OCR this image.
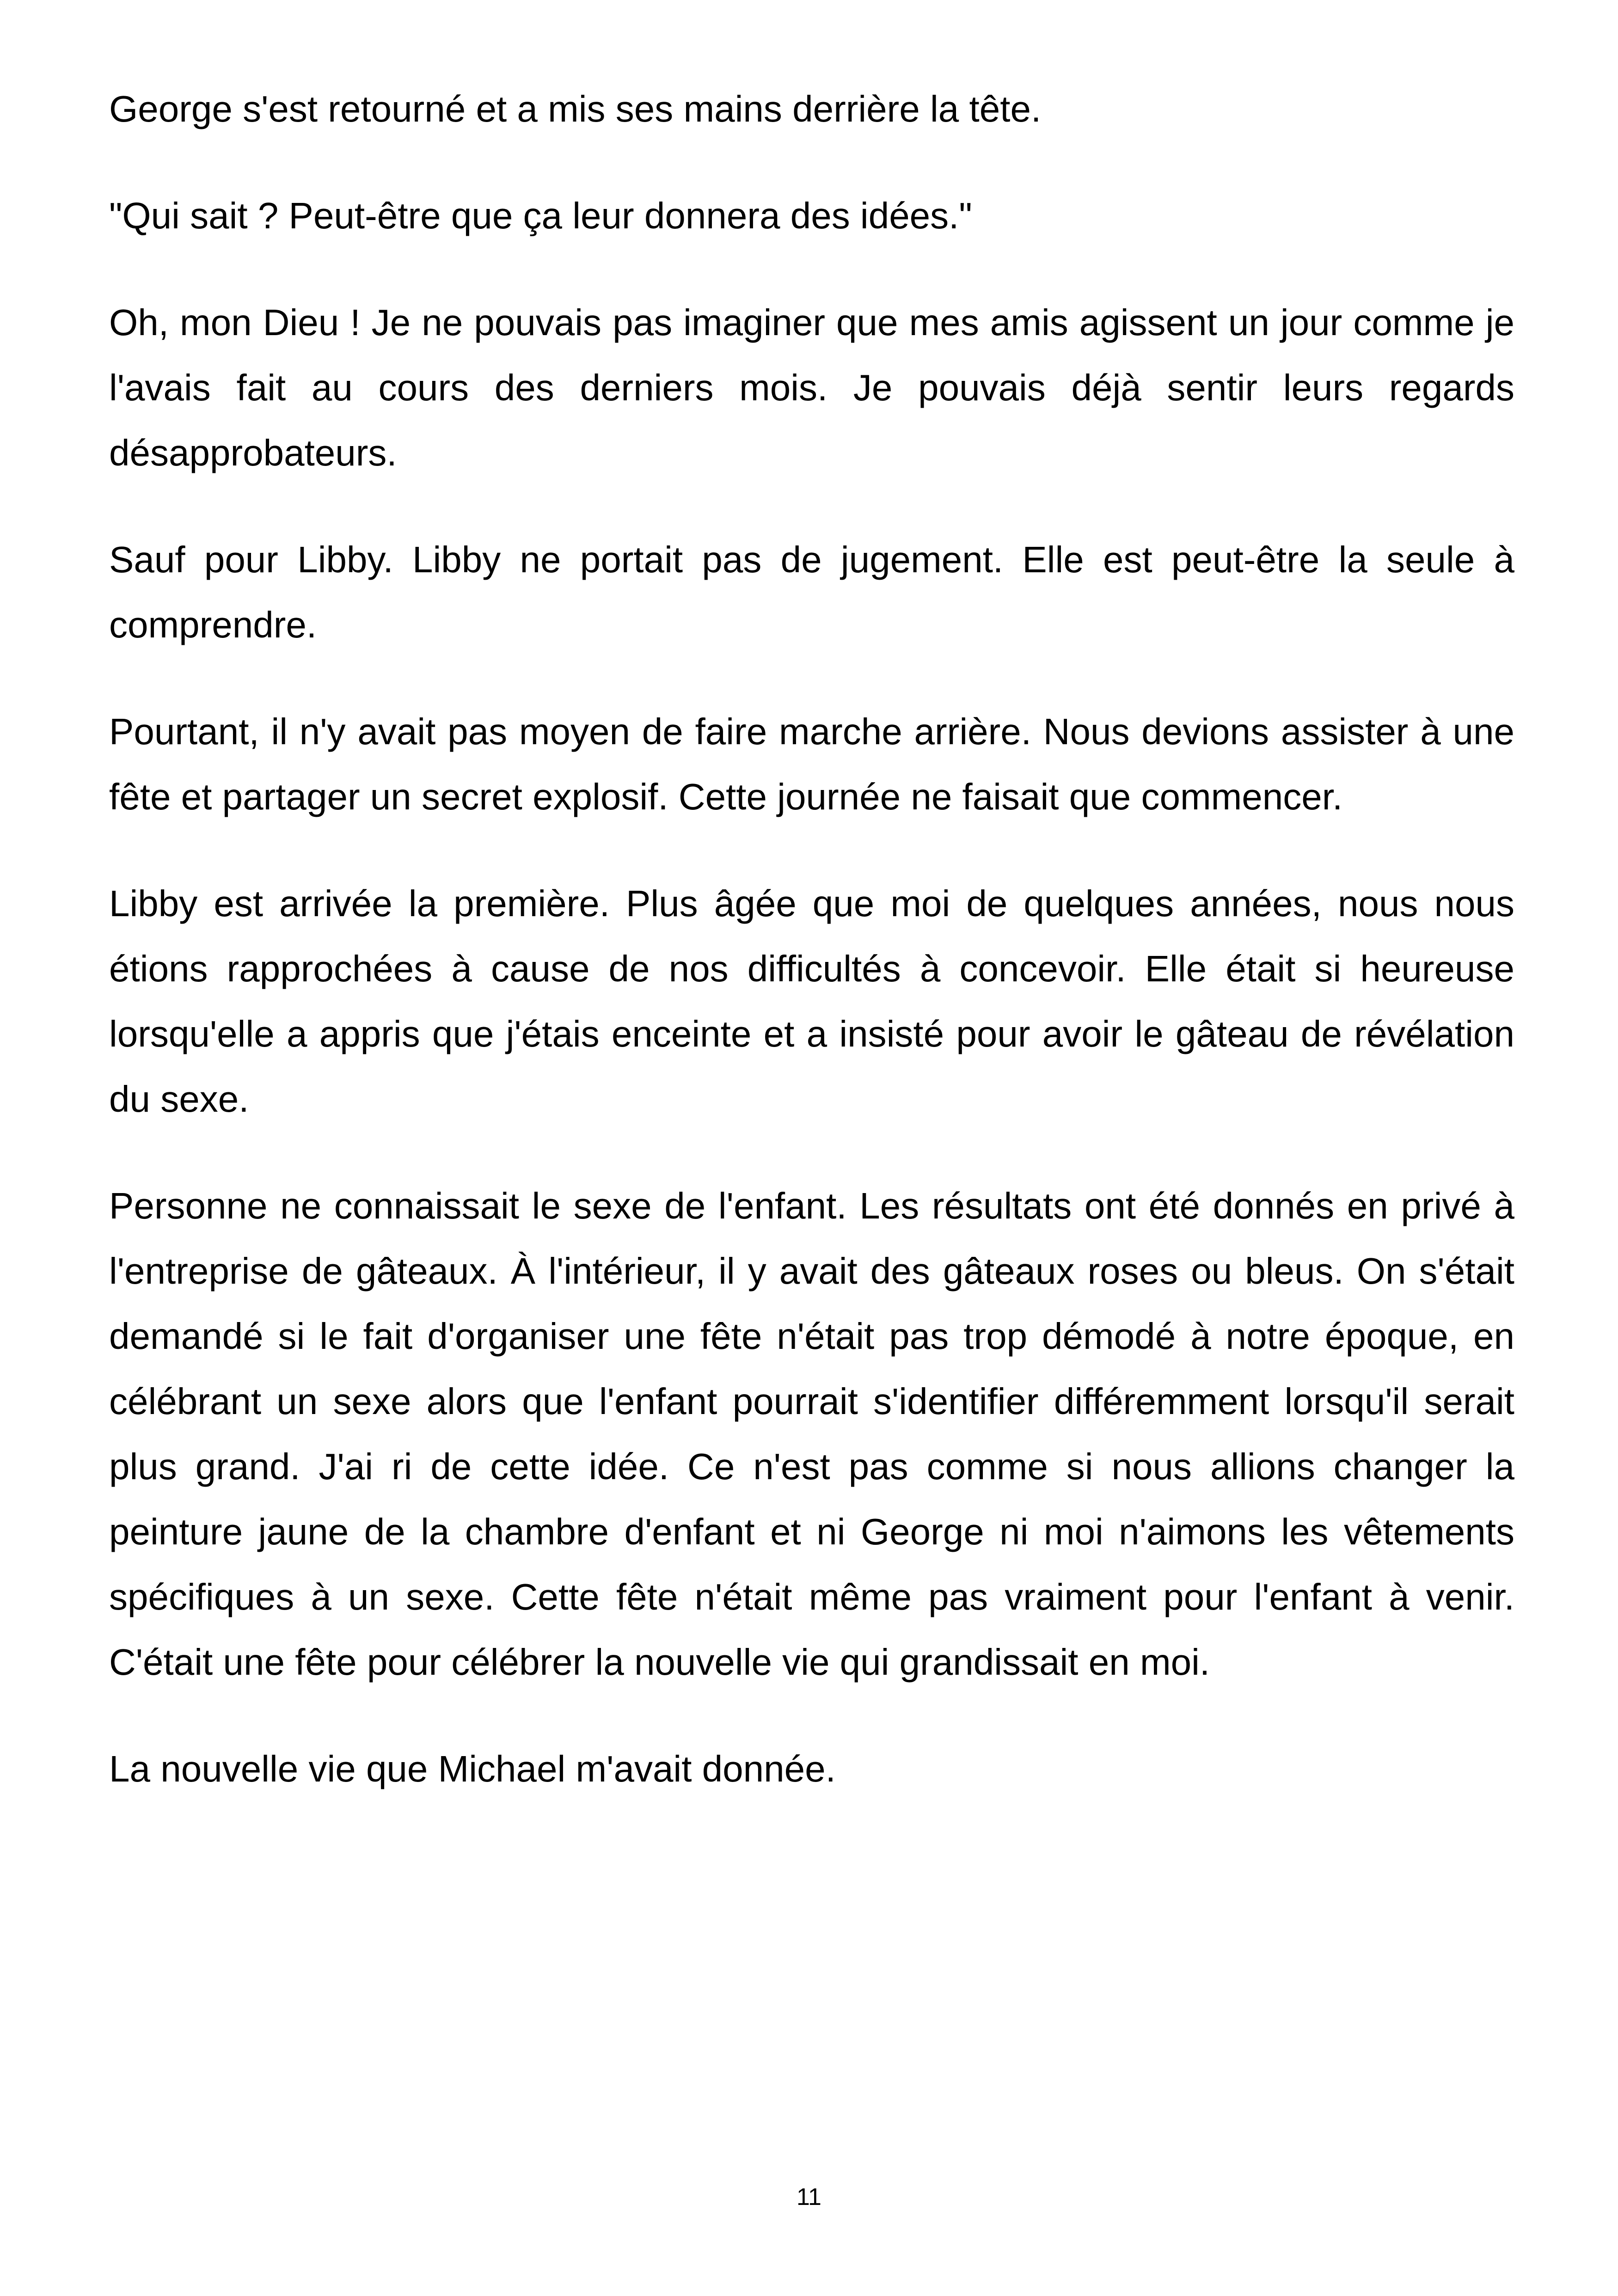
George s'est retourné et a mis ses mains derrière la tête.

"Qui sait ? Peut-être que ça leur donnera des idées."

Oh, mon Dieu ! Je ne pouvais pas imaginer que mes amis agissent un jour comme je l'avais fait au cours des derniers mois. Je pouvais déjà sentir leurs regards désapprobateurs.

Sauf pour Libby. Libby ne portait pas de jugement. Elle est peut-être la seule à comprendre.

Pourtant, il n'y avait pas moyen de faire marche arrière. Nous devions assister à une fête et partager un secret explosif. Cette journée ne faisait que commencer.

Libby est arrivée la première. Plus âgée que moi de quelques années, nous nous étions rapprochées à cause de nos difficultés à concevoir. Elle était si heureuse lorsqu'elle a appris que j'étais enceinte et a insisté pour avoir le gâteau de révélation du sexe.

Personne ne connaissait le sexe de l'enfant. Les résultats ont été donnés en privé à l'entreprise de gâteaux. À l'intérieur, il y avait des gâteaux roses ou bleus. On s'était demandé si le fait d'organiser une fête n'était pas trop démodé à notre époque, en célébrant un sexe alors que l'enfant pourrait s'identifier différemment lorsqu'il serait plus grand. J'ai ri de cette idée. Ce n'est pas comme si nous allions changer la peinture jaune de la chambre d'enfant et ni George ni moi n'aimons les vêtements spécifiques à un sexe. Cette fête n'était même pas vraiment pour l'enfant à venir. C'était une fête pour célébrer la nouvelle vie qui grandissait en moi.

La nouvelle vie que Michael m'avait donnée.

11
